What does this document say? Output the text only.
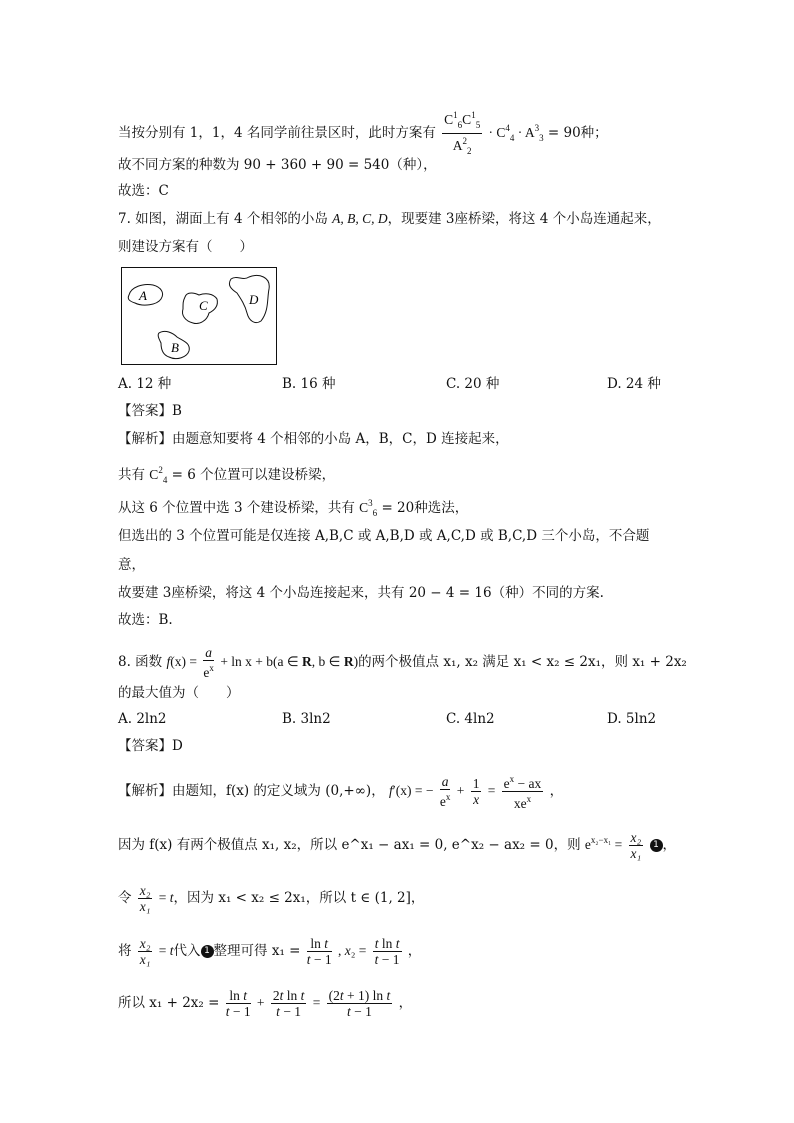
当按分别有 1，1，4 名同学前往景区时，此时方案有 $\frac{C^1_6C^1_5}{A^2_2} \cdot C^4_4 \cdot A^3_3 = 90$种；
故不同方案的种数为 90 + 360 + 90 = 540（种），
故选：C
7. 如图，湖面上有 4 个相邻的小岛 A, B, C, D，现要建 3座桥梁，将这 4 个小岛连通起来，
则建设方案有（　　）
A
C	D
B
A. 12 种	B. 16 种	C. 20 种	D. 24 种
【答案】B
【解析】由题意知要将 4 个相邻的小岛 A，B，C，D 连接起来，
共有 $C^2_4 = 6$ 个位置可以建设桥梁，
从这 6 个位置中选 3 个建设桥梁，共有 $C^3_6 = 20$种选法，
但选出的 3 个位置可能是仅连接 A,B,C 或 A,B,D 或 A,C,D 或 B,C,D 三个小岛，不合题
意，
故要建 3座桥梁，将这 4 个小岛连接起来，共有 20 − 4 = 16（种）不同的方案.
故选：B.
8. 函数 $f(x) = \frac{a}{e^x} + \ln x + b(a$ ∈ R, b ∈ R)的两个极值点 x₁, x₂ 满足 x₁ < x₂ ≤ 2x₁，则 x₁ + 2x₂
的最大值为（　　）
A. 2ln2	B. 3ln2	C. 4ln2	D. 5ln2
【答案】D
【解析】由题知，f(x) 的定义域为 (0,+∞)， f′(x) = − $\frac{a}{e^x} + \frac{1}{x} = \frac{e^x - ax}{xe^x}$ ，
因为 f(x) 有两个极值点 x₁, x₂，所以 e^x₁ − ax₁ = 0, e^x₂ − ax₂ = 0，则 $e^{x_2-x_1} = \frac{\text{x₂}}{\text{x₁}} 1$ ，
令 $\frac{\text{x₂}}{\text{x₁}} = t$，因为 x₁ < x₂ ≤ 2x₁，所以 t ∈ (1, 2]，
将 $\frac{\text{x₂}}{\text{x₁}} = t$代入 1 整理可得 $x_1 = \frac{\text{ln t}}{t - 1}$ , $x_2 = \frac{\text{t ln t}}{t - 1}$ ，
所以 $x_1 + 2x_2 = \frac{\text{ln t}}{t - 1} + \frac{\text{2t ln t}}{t - 1} = \frac{\text{(2t + 1) ln t}}{t - 1}$ ，
